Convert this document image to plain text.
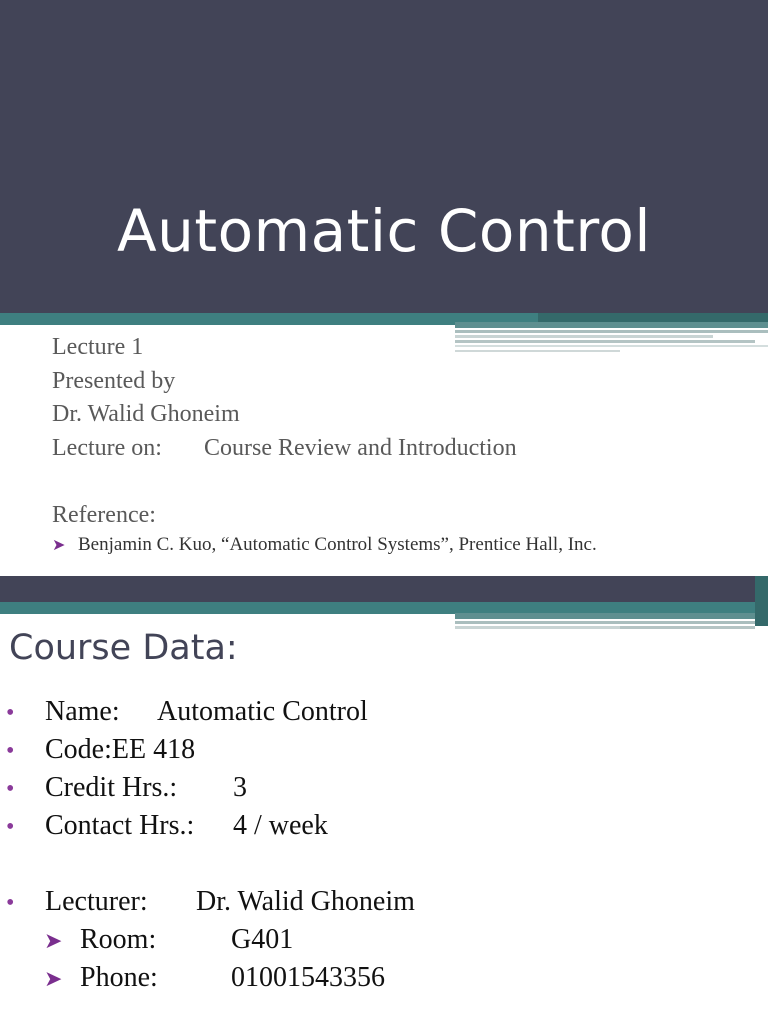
Automatic Control
Lecture 1
Presented by
Dr. Walid Ghoneim
Lecture on: Course Review and Introduction
Reference:
➤ Benjamin C. Kuo, “Automatic Control Systems”, Prentice Hall, Inc.
Course Data:
• Name: Automatic Control
• Code:EE 418
• Credit Hrs.: 3
• Contact Hrs.: 4 / week
• Lecturer: Dr. Walid Ghoneim
➤ Room:	G401
➤ Phone:	01001543356
